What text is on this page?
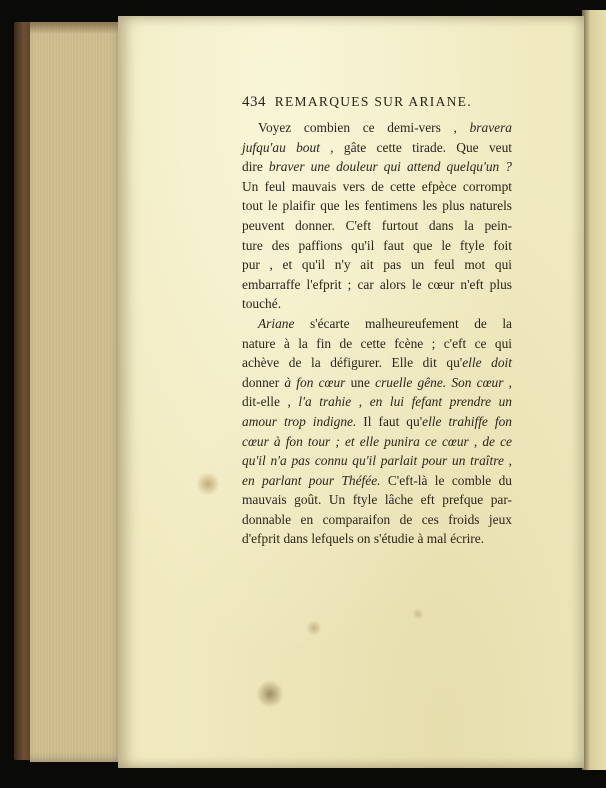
434 REMARQUES SUR ARIANE.
Voyez combien ce demi-vers , bravera
jufqu'au bout , gâte cette tirade. Que veut
dire braver une douleur qui attend quelqu'un ?
Un feul mauvais vers de cette efpèce corrompt
tout le plaifir que les fentimens les plus naturels
peuvent donner. C'eft furtout dans la pein-
ture des paffions qu'il faut que le ftyle foit
pur , et qu'il n'y ait pas un feul mot qui
embarraffe l'efprit ; car alors le cœur n'eft plus
touché.
Ariane s'écarte malheureufement de la
nature à la fin de cette fcène ; c'eft ce qui
achève de la défigurer. Elle dit qu'elle doit
donner à fon cœur une cruelle gêne. Son cœur ,
dit-elle , l'a trahie , en lui fefant prendre un
amour trop indigne. Il faut qu'elle trahiffe fon
cœur à fon tour ; et elle punira ce cœur , de ce
qu'il n'a pas connu qu'il parlait pour un traître ,
en parlant pour Théfée. C'eft-là le comble du
mauvais goût. Un ftyle lâche eft prefque par-
donnable en comparaifon de ces froids jeux
d'efprit dans lefquels on s'étudie à mal écrire.
